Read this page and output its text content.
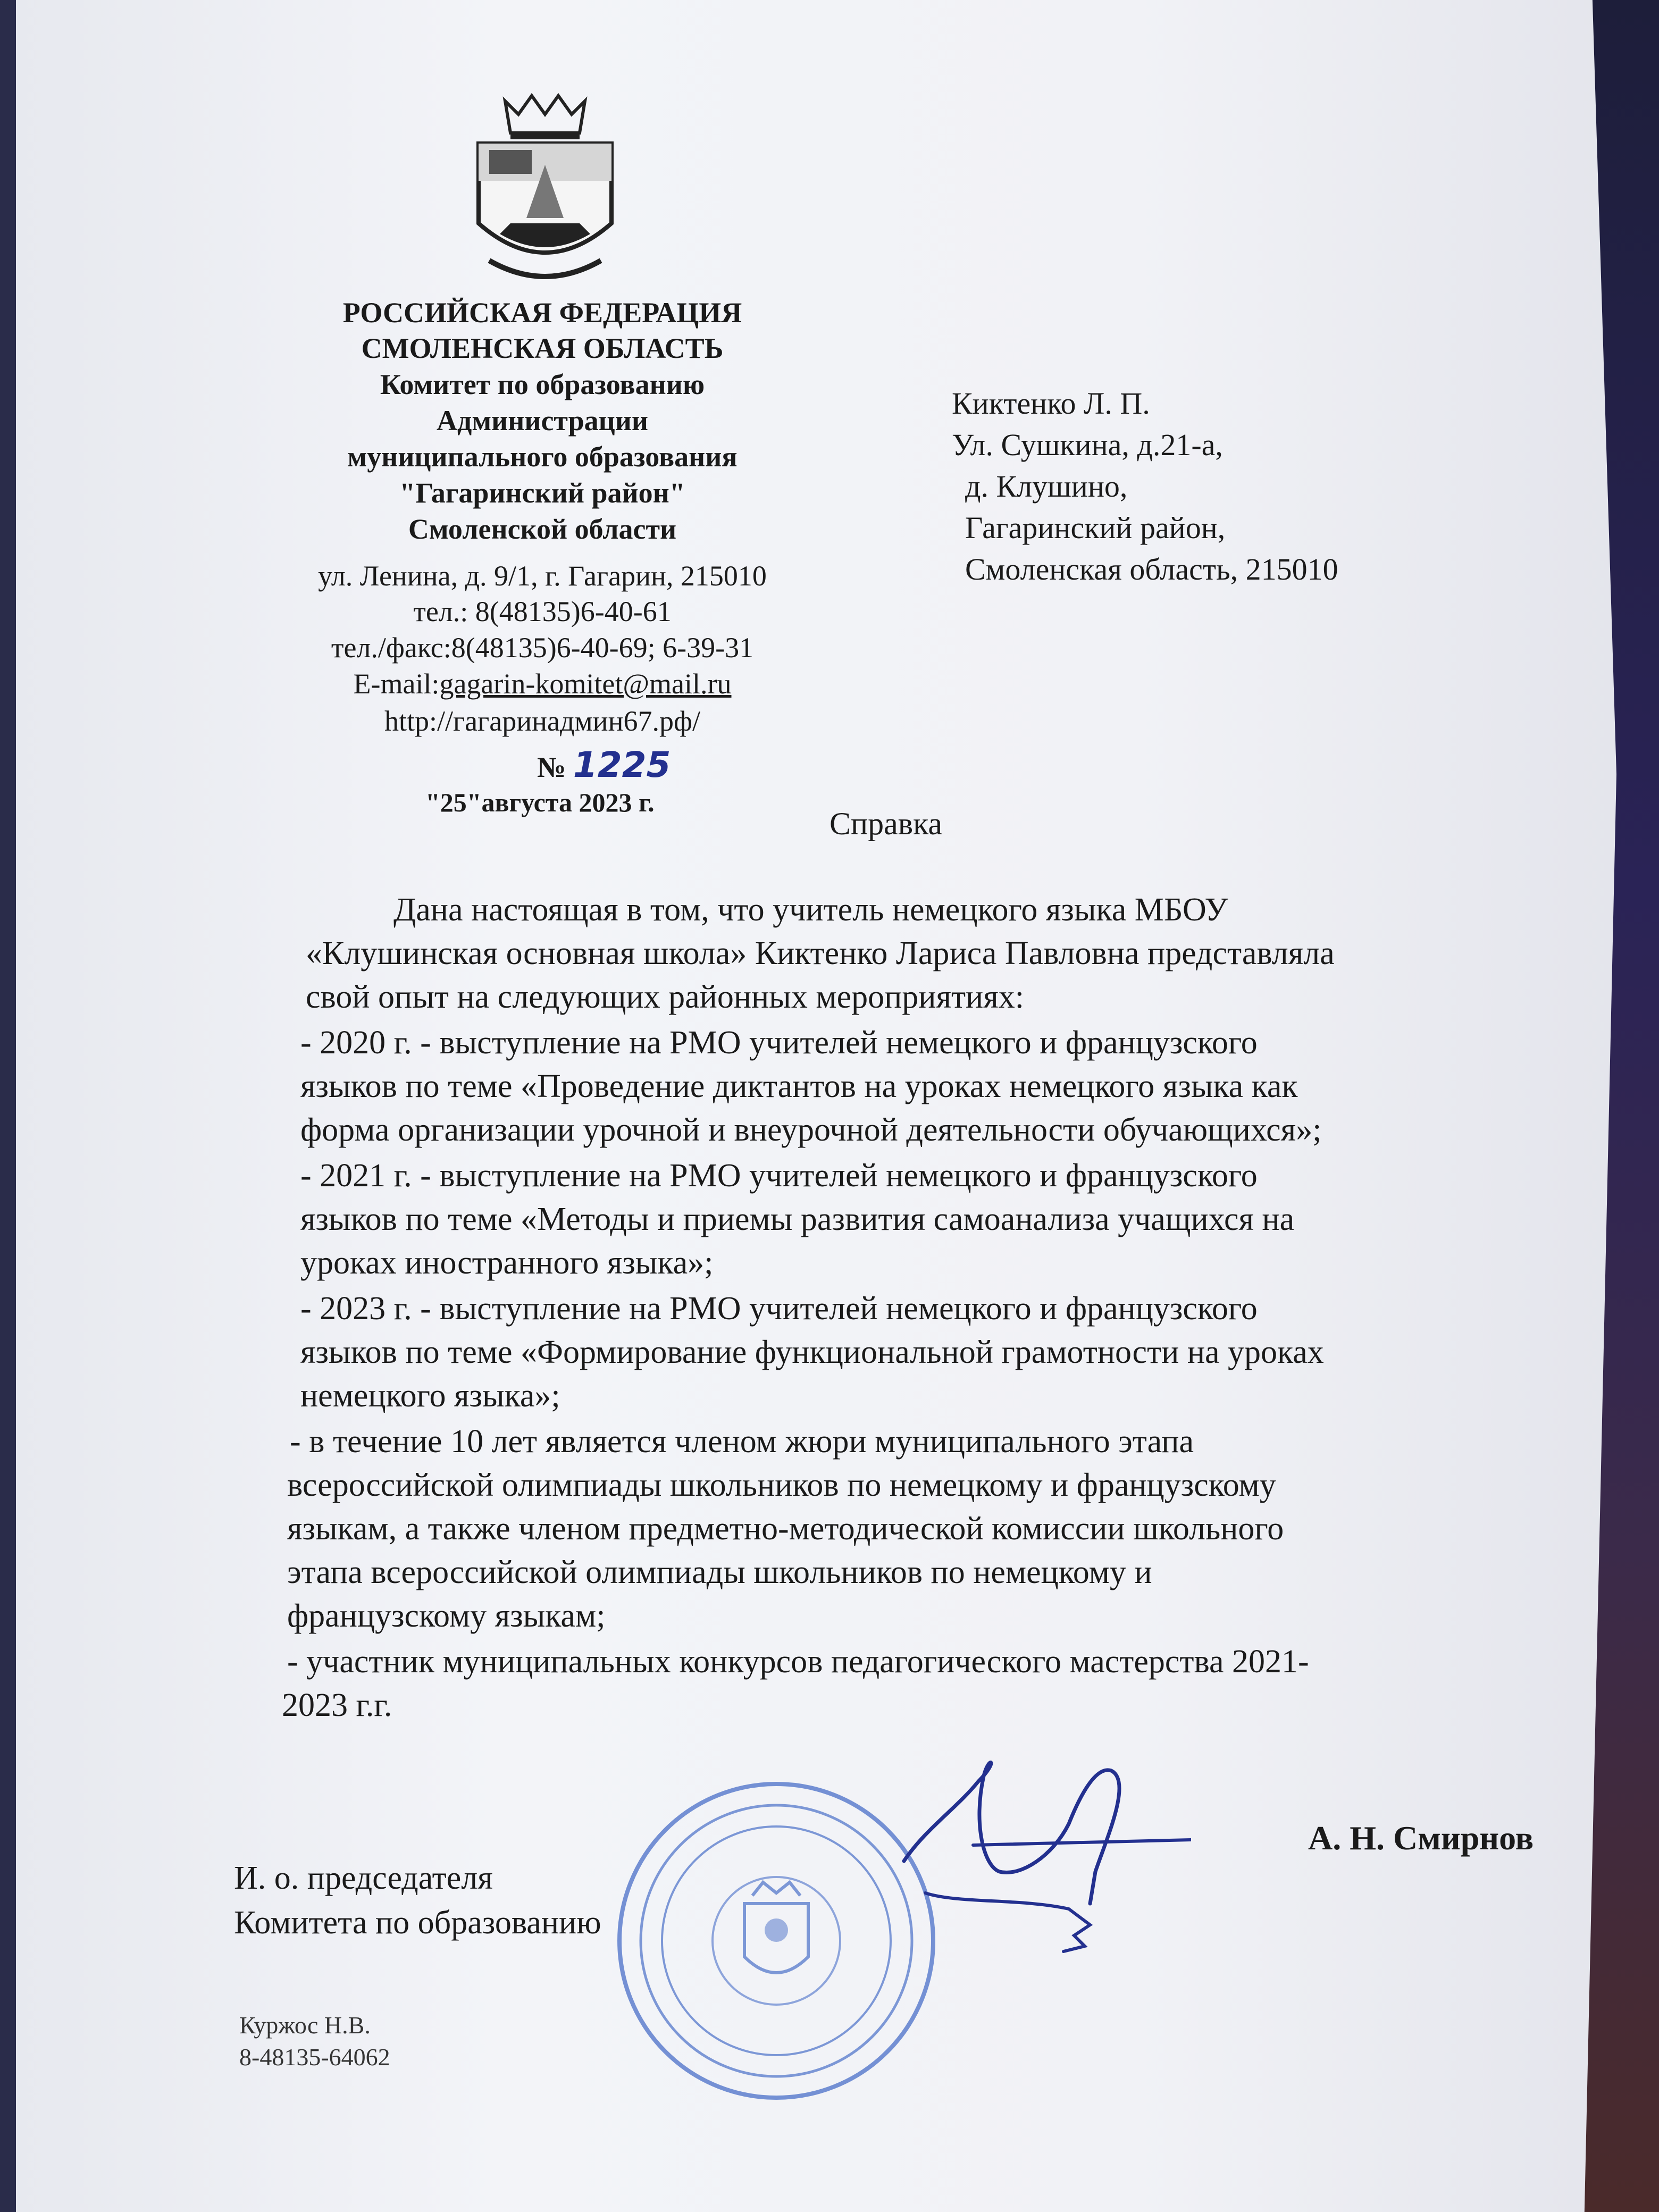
РОССИЙСКАЯ ФЕДЕРАЦИЯ
СМОЛЕНСКАЯ ОБЛАСТЬ
Комитет по образованию
Администрации
муниципального образования
"Гагаринский район"
Смоленской области
ул. Ленина, д. 9/1, г. Гагарин, 215010
тел.: 8(48135)6-40-61
тел./факс:8(48135)6-40-69; 6-39-31
E-mail:gagarin-komitet@mail.ru
http://гагаринадмин67.рф/
№ 1225
"25"августа 2023 г.
Киктенко Л. П.
Ул. Сушкина, д.21-а,
д. Клушино,
Гагаринский район,
Смоленская область, 215010
Справка
Дана настоящая в том, что учитель немецкого языка МБОУ
«Клушинская основная школа» Киктенко Лариса Павловна представляла
свой опыт на следующих районных мероприятиях:
- 2020 г. - выступление на РМО учителей немецкого и французского
языков по теме «Проведение диктантов на уроках немецкого языка как
форма организации урочной и внеурочной деятельности обучающихся»;
- 2021 г. - выступление на РМО учителей немецкого и французского
языков по теме «Методы и приемы развития самоанализа учащихся на
уроках иностранного языка»;
- 2023 г. - выступление на РМО учителей немецкого и французского
языков по теме «Формирование функциональной грамотности на уроках
немецкого языка»;
- в течение 10 лет является членом жюри муниципального этапа
всероссийской олимпиады школьников по немецкому и французскому
языкам, а также членом предметно-методической комиссии школьного
этапа всероссийской олимпиады школьников по немецкому и
французскому языкам;
- участник муниципальных конкурсов педагогического мастерства 2021-
2023 г.г.
И. о. председателя
Комитета по образованию
А. Н. Смирнов
Куржос Н.В.
8-48135-64062
